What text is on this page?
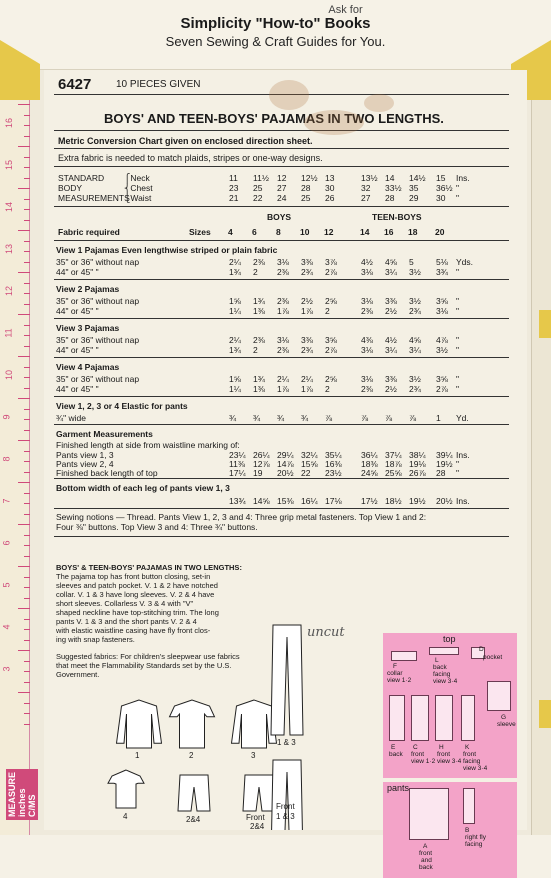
Ask for
Simplicity "How-to" Books
Seven Sewing & Craft Guides for You.
16
15
14
13
12
11
10
9
8
7
6
5
4
3
MEASURE inches C/MS
6427 10 PIECES GIVEN
BOYS' AND TEEN-BOYS' PAJAMAS IN TWO LENGTHS.
Metric Conversion Chart given on enclosed direction sheet.
Extra fabric is needed to match plaids, stripes or one-way designs.
uncut	top
F
collar
view 1·2
L
back
facing
view 3·4
D
pocket
G
sleeve
E
back
C
front
view 1·2
H
front
view 3·4
K
front
facing
view 3·4
pants
A
front
and
back
B
right fly
facing
STANDARD
BODY
MEASUREMENTS
⎧Neck	11 11½ 12 12½ 13	13½ 14 14½ 15 Ins.
⎨Chest	23 25 27 28 30	32 33½ 35 36½ "
⎩Waist	21 22 24 25 26	27 28 29 30 "
BOYS	TEEN-BOYS
Fabric required	Sizes 4 6 8 10 12	14 16 18 20
View 1 Pajamas Even lengthwise striped or plain fabric
35" or 36" without nap	2¼ 2⅜ 3⅛ 3⅜ 3⅞	4½ 4⅝ 5	5⅛ Yds.
44" or 45" "	1¾ 2 2⅜ 2¾ 2⅞	3⅛ 3¼ 3½ 3¾ "
View 2 Pajamas
35" or 36" without nap	1⅝ 1¾ 2⅜ 2½ 2⅝	3⅛ 3⅜ 3½ 3⅝ "
44" or 45" "	1¼ 1⅜ 1⅞ 1⅞ 2	2⅜ 2½ 2¾ 3⅛ "
View 3 Pajamas
35" or 36" without nap	2¼ 2⅜ 3⅛ 3⅜ 3⅝	4⅜ 4½ 4⅝ 4⅞ "
44" or 45" "	1¾ 2 2⅜ 2¾ 2⅞	3⅛ 3¼ 3¼ 3½ "
View 4 Pajamas
35" or 36" without nap	1⅝ 1¾ 2¼ 2¼ 2⅝	3⅛ 3⅜ 3½ 3⅝ "
44" or 45" "	1¼ 1⅜ 1⅞ 1⅞ 2	2⅜ 2½ 2¾ 2⅞ "
View 1, 2, 3 or 4 Elastic for pants
¾" wide	¾ ¾ ¾ ¾ ⅞	⅞ ⅞ ⅞ 1 Yd.
Garment Measurements
Finished length at side from waistline marking of:
Pants view 1, 3	23¼ 26¼ 29¼ 32¼ 35¼ 36¼ 37¼ 38¼ 39¼ Ins.
Pants view 2, 4	11⅜ 12⅞ 14⅞ 15⅝ 16⅜ 18⅜ 18⅞ 19⅛ 19½ "
Finished back length of top	17¼ 19 20½ 22 23½ 24⅝ 25⅝ 26⅞ 28 "
Bottom width of each leg of pants view 1, 3
13¾ 14⅝ 15⅜ 16¼ 17⅛ 17½ 18½ 19½ 20½ Ins.
Sewing notions — Thread. Pants View 1, 2, 3 and 4: Three grip metal fasteners. Top View 1 and 2:
Four ⅜" buttons. Top View 3 and 4: Three ¾" buttons.
BOYS' & TEEN-BOYS' PAJAMAS IN TWO LENGTHS:
The pajama top has front button closing, set-in
sleeves and patch pocket. V. 1 & 2 have notched
collar. V. 1 & 3 have long sleeves. V. 2 & 4 have
short sleeves. Collarless V. 3 & 4 with "V"
shaped neckline have top-stitching trim. The long
pants V. 1 & 3 and the short pants V. 2 & 4
with elastic waistline casing have fly front clos-
ing with snap fasteners.
Suggested fabrics: For children's sleepwear use fabrics
that meet the Flammability Standards set by the U.S.
Government.
1	2	3
4	2&4	Front
2&4
1 & 3
Front
1 & 3
